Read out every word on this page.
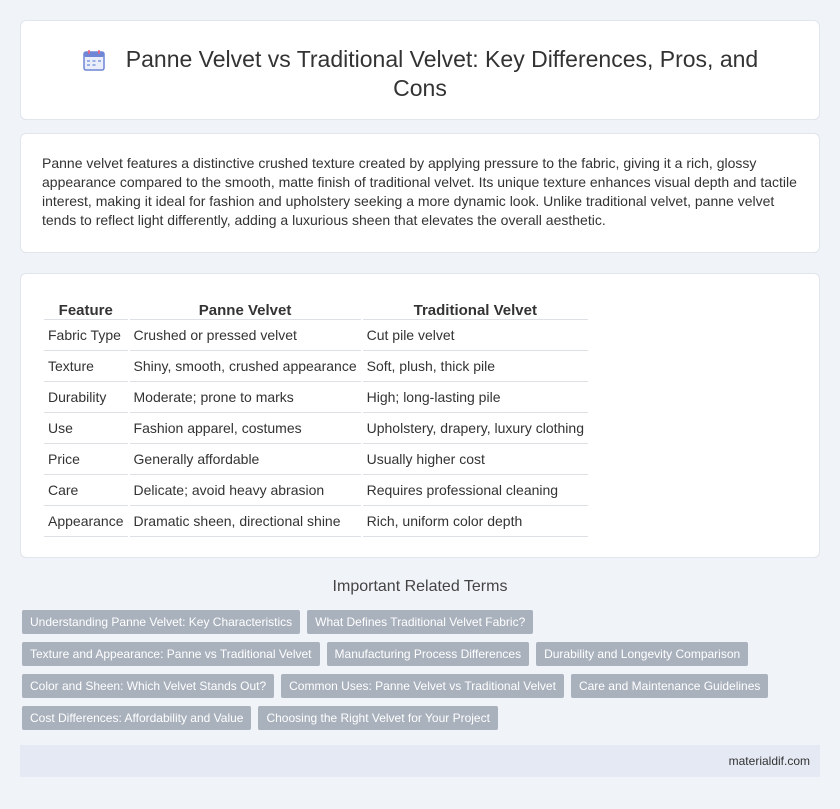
Panne Velvet vs Traditional Velvet: Key Differences, Pros, and Cons

Panne velvet features a distinctive crushed texture created by applying pressure to the fabric, giving it a rich, glossy appearance compared to the smooth, matte finish of traditional velvet. Its unique texture enhances visual depth and tactile interest, making it ideal for fashion and upholstery seeking a more dynamic look. Unlike traditional velvet, panne velvet tends to reflect light differently, adding a luxurious sheen that elevates the overall aesthetic.

Feature	Panne Velvet	Traditional Velvet
Fabric Type	Crushed or pressed velvet	Cut pile velvet
Texture	Shiny, smooth, crushed appearance	Soft, plush, thick pile
Durability	Moderate; prone to marks	High; long-lasting pile
Use	Fashion apparel, costumes	Upholstery, drapery, luxury clothing
Price	Generally affordable	Usually higher cost
Care	Delicate; avoid heavy abrasion	Requires professional cleaning
Appearance	Dramatic sheen, directional shine	Rich, uniform color depth
Important Related Terms
Understanding Panne Velvet: Key Characteristics What Defines Traditional Velvet Fabric?
Texture and Appearance: Panne vs Traditional Velvet Manufacturing Process Differences Durability and Longevity Comparison
Color and Sheen: Which Velvet Stands Out? Common Uses: Panne Velvet vs Traditional Velvet Care and Maintenance Guidelines
Cost Differences: Affordability and Value Choosing the Right Velvet for Your Project
materialdif.com
